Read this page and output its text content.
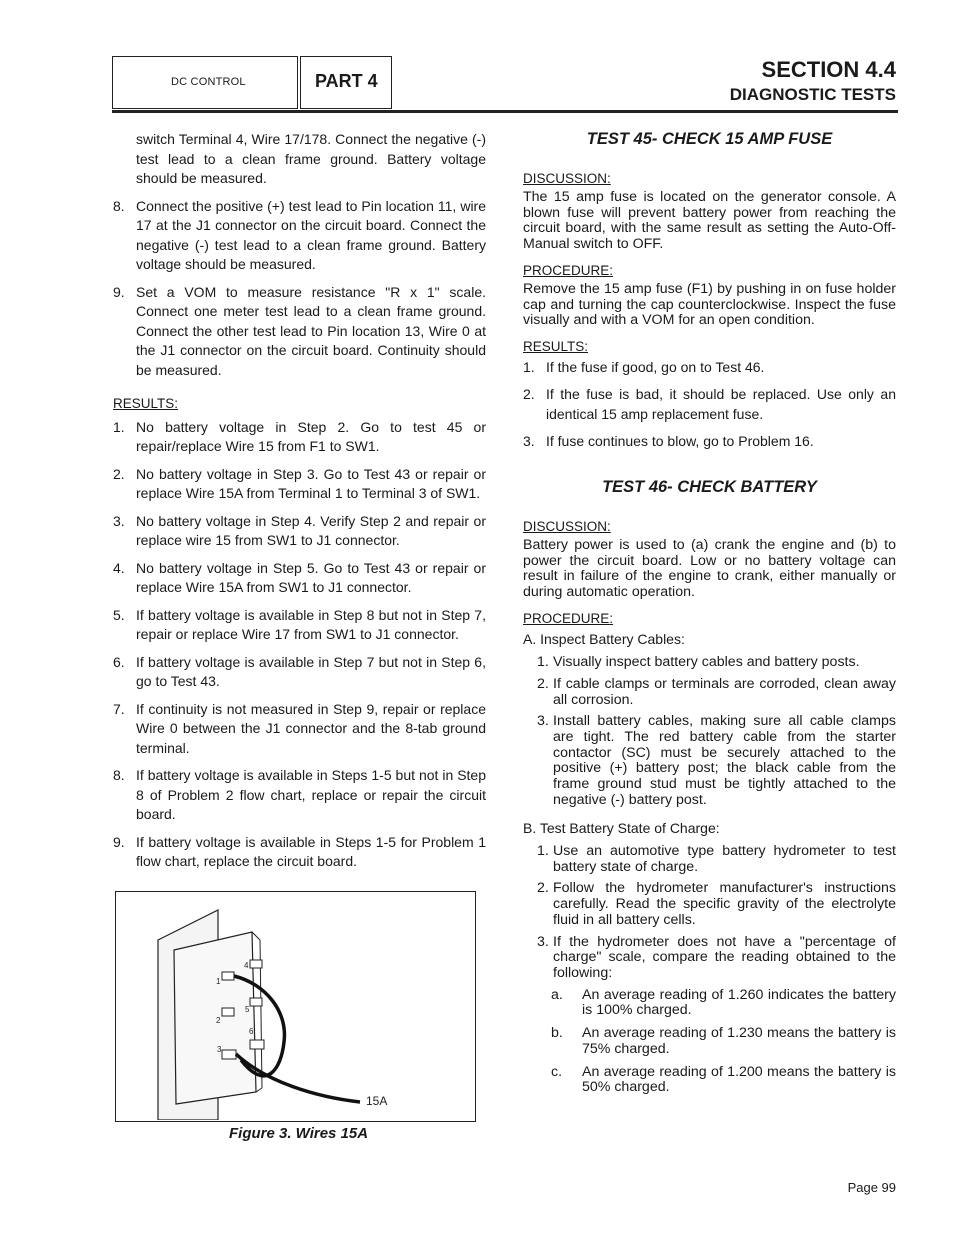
DC CONTROL	PART 4	SECTION 4.4
DIAGNOSTIC TESTS
switch Terminal 4, Wire 17/178. Connect the negative (-) test lead to a clean frame ground. Battery voltage should be measured.
8. Connect the positive (+) test lead to Pin location 11, wire 17 at the J1 connector on the circuit board. Connect the negative (-) test lead to a clean frame ground. Battery voltage should be measured.
9. Set a VOM to measure resistance "R x 1" scale. Connect one meter test lead to a clean frame ground. Connect the other test lead to Pin location 13, Wire 0 at the J1 connector on the circuit board. Continuity should be measured.
RESULTS:
1. No battery voltage in Step 2. Go to test 45 or repair/replace Wire 15 from F1 to SW1.
2. No battery voltage in Step 3. Go to Test 43 or repair or replace Wire 15A from Terminal 1 to Terminal 3 of SW1.
3. No battery voltage in Step 4. Verify Step 2 and repair or replace wire 15 from SW1 to J1 connector.
4. No battery voltage in Step 5. Go to Test 43 or repair or replace Wire 15A from SW1 to J1 connector.
5. If battery voltage is available in Step 8 but not in Step 7, repair or replace Wire 17 from SW1 to J1 connector.
6. If battery voltage is available in Step 7 but not in Step 6, go to Test 43.
7. If continuity is not measured in Step 9, repair or replace Wire 0 between the J1 connector and the 8-tab ground terminal.
8. If battery voltage is available in Steps 1-5 but not in Step 8 of Problem 2 flow chart, replace or repair the circuit board.
9. If battery voltage is available in Steps 1-5 for Problem 1 flow chart, replace the circuit board.
1
2
3
4
5
6
15A
Figure 3. Wires 15A
TEST 45- CHECK 15 AMP FUSE
DISCUSSION:
The 15 amp fuse is located on the generator console. A blown fuse will prevent battery power from reaching the circuit board, with the same result as setting the Auto-Off-Manual switch to OFF.
PROCEDURE:
Remove the 15 amp fuse (F1) by pushing in on fuse holder cap and turning the cap counterclockwise. Inspect the fuse visually and with a VOM for an open condition.
RESULTS:
1. If the fuse if good, go on to Test 46.
2. If the fuse is bad, it should be replaced. Use only an identical 15 amp replacement fuse.
3. If fuse continues to blow, go to Problem 16.
TEST 46- CHECK BATTERY
DISCUSSION:
Battery power is used to (a) crank the engine and (b) to power the circuit board. Low or no battery voltage can result in failure of the engine to crank, either manually or during automatic operation.
PROCEDURE:
A. Inspect Battery Cables:
1. Visually inspect battery cables and battery posts.
2. If cable clamps or terminals are corroded, clean away all corrosion.
3. Install battery cables, making sure all cable clamps are tight. The red battery cable from the starter contactor (SC) must be securely attached to the positive (+) battery post; the black cable from the frame ground stud must be tightly attached to the negative (-) battery post.
B. Test Battery State of Charge:
1. Use an automotive type battery hydrometer to test battery state of charge.
2. Follow the hydrometer manufacturer's instructions carefully. Read the specific gravity of the electrolyte fluid in all battery cells.
3. If the hydrometer does not have a "percentage of charge" scale, compare the reading obtained to the following:
a. An average reading of 1.260 indicates the battery is 100% charged.
b. An average reading of 1.230 means the battery is 75% charged.
c. An average reading of 1.200 means the battery is 50% charged.
Page 99
